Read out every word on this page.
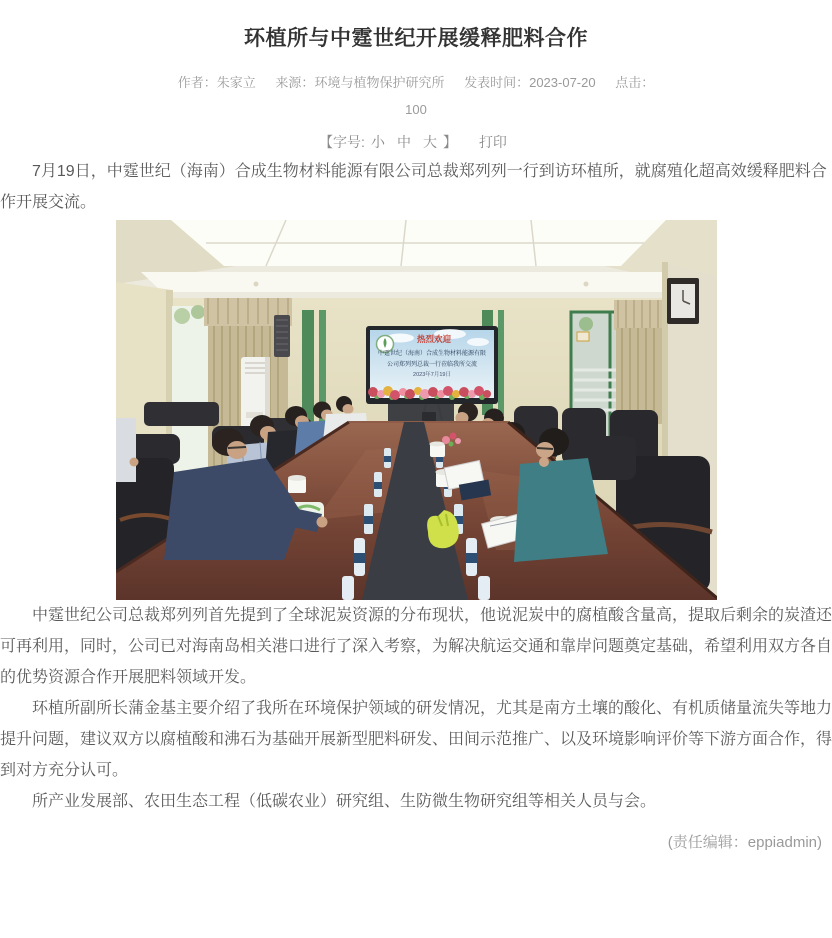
环植所与中霆世纪开展缓释肥料合作
作者：朱家立 来源：环境与植物保护研究所 发表时间：2023-07-20 点击：
100
【字号: 小 中 大 】 打印

7月19日，中霆世纪（海南）合成生物材料能源有限公司总裁郑列列一行到访环植所，就腐殖化超高效缓释肥料合作开展交流。

热烈欢迎
中霆世纪（海南）合成生物材料能源有限
公司郑列列总裁一行莅临我所交流
2023年7月19日

中霆世纪公司总裁郑列列首先提到了全球泥炭资源的分布现状，他说泥炭中的腐植酸含量高，提取后剩余的炭渣还可再利用，同时，公司已对海南岛相关港口进行了深入考察，为解决航运交通和靠岸问题奠定基础，希望利用双方各自的优势资源合作开展肥料领域开发。

环植所副所长蒲金基主要介绍了我所在环境保护领域的研发情况，尤其是南方土壤的酸化、有机质储量流失等地力提升问题，建议双方以腐植酸和沸石为基础开展新型肥料研发、田间示范推广、以及环境影响评价等下游方面合作，得到对方充分认可。

所产业发展部、农田生态工程（低碳农业）研究组、生防微生物研究组等相关人员与会。

(责任编辑：eppiadmin)
